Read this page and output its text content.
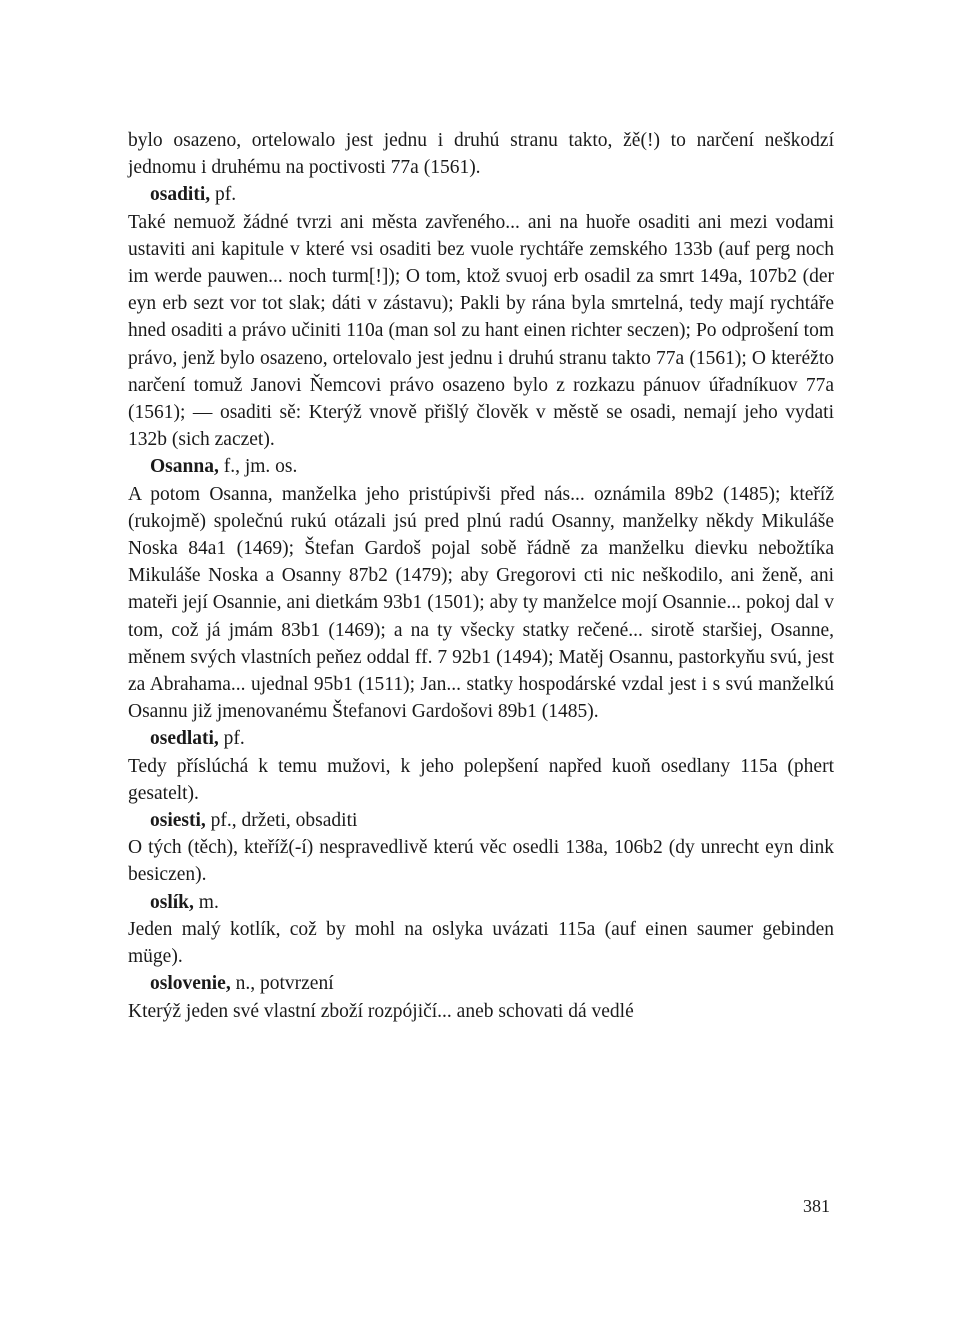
bylo osazeno, ortelowalo jest jednu i druhú stranu takto, žě(!) to narčení neškodzí jednomu i druhému na poctivosti 77a (1561).

osaditi, pf.

Také nemuož žádné tvrzi ani města zavřeného... ani na huoře osaditi ani mezi vodami ustaviti ani kapitule v které vsi osaditi bez vuole rychtáře zemského 133b (auf perg noch im werde pauwen... noch turm[!]); O tom, ktož svuoj erb osadil za smrt 149a, 107b2 (der eyn erb sezt vor tot slak; dáti v zástavu); Pakli by rána byla smrtelná, tedy mají rychtáře hned osaditi a právo učiniti 110a (man sol zu hant einen richter seczen); Po odprošení tom právo, jenž bylo osazeno, ortelovalo jest jednu i druhú stranu takto 77a (1561); O kteréžto narčení tomuž Janovi Ňemcovi právo osazeno bylo z rozkazu pánuov úřadníkuov 77a (1561); — osaditi sě: Kterýž vnově přišlý člověk v městě se osadi, nemají jeho vydati 132b (sich zaczet).

Osanna, f., jm. os.

A potom Osanna, manželka jeho pristúpivši před nás... oznámila 89b2 (1485); kteříž (rukojmě) společnú rukú otázali jsú pred plnú radú Osanny, manželky někdy Mikuláše Noska 84a1 (1469); Štefan Gardoš pojal sobě řádně za manželku dievku nebožtíka Mikuláše Noska a Osanny 87b2 (1479); aby Gregorovi cti nic neškodilo, ani ženě, ani mateři její Osannie, ani dietkám 93b1 (1501); aby ty manželce mojí Osannie... pokoj dal v tom, což já jmám 83b1 (1469); a na ty všecky statky rečené... sirotě staršiej, Osanne, měnem svých vlastních peňez oddal ff. 7 92b1 (1494); Matěj Osannu, pastorkyňu svú, jest za Abrahama... ujednal 95b1 (1511); Jan... statky hospodárské vzdal jest i s svú manželkú Osannu již jmenovanému Štefanovi Gardošovi 89b1 (1485).

osedlati, pf.

Tedy příslúchá k temu mužovi, k jeho polepšení napřed kuoň osedlany 115a (phert gesatelt).

osiesti, pf., držeti, obsaditi

O tých (těch), kteříž(-í) nespravedlivě kterú věc osedli 138a, 106b2 (dy unrecht eyn dink besiczen).

oslík, m.

Jeden malý kotlík, což by mohl na oslyka uvázati 115a (auf einen saumer gebinden müge).

oslovenie, n., potvrzení

Kterýž jeden své vlastní zboží rozpójičí... aneb schovati dá vedlé

381
